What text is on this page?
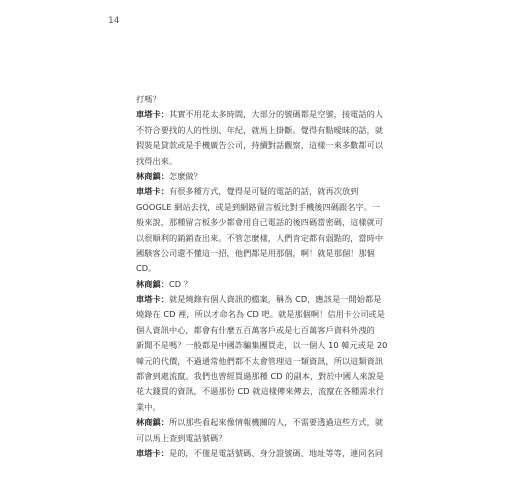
14
打嗎？
車塔卡：其實不用花太多時間，大部分的號碼都是空號，接電話的人
不符合要找的人的性別、年紀，就馬上掛斷。覺得有點曖昧的話，就
假裝是貸款或是手機廣告公司，持續對話觀察，這樣一來多數都可以
找得出來。
林商鎮：怎麼做？
車塔卡：有很多種方式，覺得是可疑的電話的話，就再次放到
GOOGLE 網站去找，或是到網路留言板比對手機後四碼跟名字。一
般來說，那種留言板多少都會用自己電話的後四碼當密碼，這樣就可
以很順利的銷銷查出來。不管怎麼樣，人們肯定都有弱點的，當時中
國駭客公司還不懂這一招，他們都是用那個，啊！就是那個！那個
CD。
林商鎮：CD ？
車塔卡：就是燒錄有個人資訊的檔案，稱為 CD，應該是一開始都是
燒錄在 CD 裡，所以才命名為 CD 吧。就是那個啊！信用卡公司或是
個人資訊中心，都會有什麼五百萬客戶或是七百萬客戶資料外洩的
新聞不是嗎？一般都是中國詐騙集團買走，以一個人 10 韓元或是 20
韓元的代價，不過通常他們都不太會管理這一類資訊，所以這類資訊
都會到處流竄。我們也曾經買過那種 CD 的副本，對於中國人來說是
花大錢買的資訊，不過那份 CD 就這樣傳來傳去，流竄在各種需求行
業中。
林商鎮：所以那些看起來像情報機關的人，不需要透過這些方式，就
可以馬上查到電話號碼？
車塔卡：是的，不僅是電話號碼、身分證號碼、地址等等，連同名同
